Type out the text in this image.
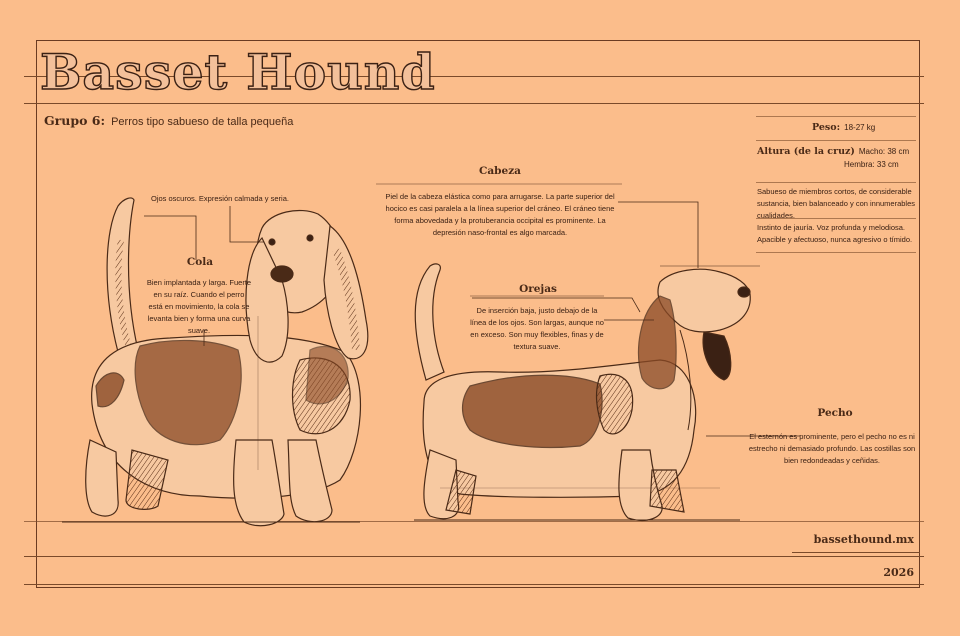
Basset Hound
Grupo 6: Perros tipo sabueso de talla pequeña
Ojos oscuros. Expresión calmada y seria.
Cola
Bien implantada y larga. Fuerte en su raíz. Cuando el perro está en movimiento, la cola se levanta bien y forma una curva suave.
Cabeza
Piel de la cabeza elástica como para arrugarse. La parte superior del hocico es casi paralela a la línea superior del cráneo. El cráneo tiene forma abovedada y la protuberancia occipital es prominente. La depresión naso-frontal es algo marcada.
Orejas
De inserción baja, justo debajo de la línea de los ojos. Son largas, aunque no en exceso. Son muy flexibles, finas y de textura suave.
Pecho
El esternón es prominente, pero el pecho no es ni estrecho ni demasiado profundo. Las costillas son bien redondeadas y ceñidas.
Peso: 18-27 kg
Altura (de la cruz) Macho: 38 cm
Hembra: 33 cm
Sabueso de miembros cortos, de considerable sustancia, bien balanceado y con innumerables cualidades.
Instinto de jauría. Voz profunda y melodiosa. Apacible y afectuoso, nunca agresivo o tímido.
bassethound.mx
2026
